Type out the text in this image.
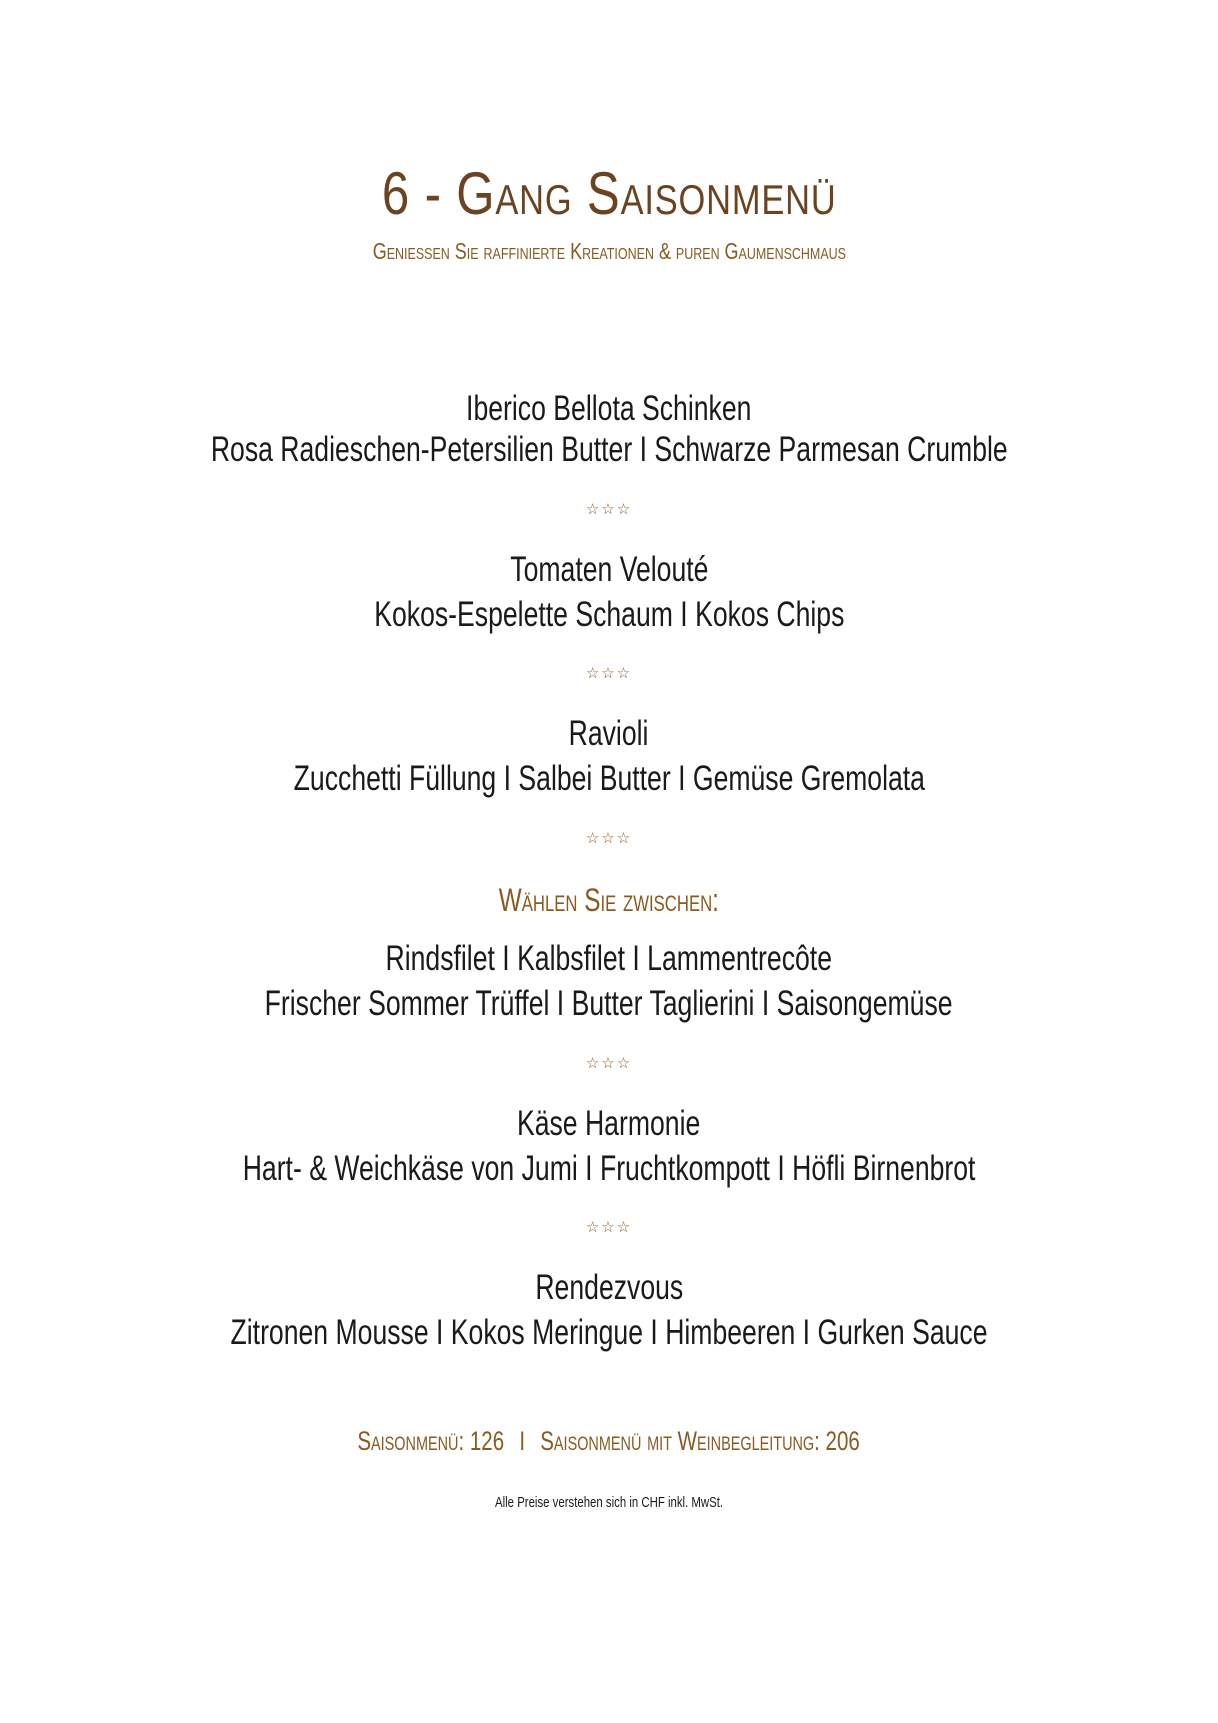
6 - Gang Saisonmenü
Geniessen Sie raffinierte Kreationen & puren Gaumenschmaus
Iberico Bellota Schinken
Rosa Radieschen-Petersilien Butter I Schwarze Parmesan Crumble
☆☆☆
Tomaten Velouté
Kokos-Espelette Schaum I Kokos Chips
☆☆☆
Ravioli
Zucchetti Füllung I Salbei Butter I Gemüse Gremolata
☆☆☆
Wählen Sie zwischen:
Rindsfilet I Kalbsfilet I Lammentrecôte
Frischer Sommer Trüffel I Butter Taglierini I Saisongemüse
☆☆☆
Käse Harmonie
Hart- & Weichkäse von Jumi I Fruchtkompott I Höfli Birnenbrot
☆☆☆
Rendezvous
Zitronen Mousse I Kokos Meringue I Himbeeren I Gurken Sauce
Saisonmenü: 126 I Saisonmenü mit Weinbegleitung: 206
Alle Preise verstehen sich in CHF inkl. MwSt.
